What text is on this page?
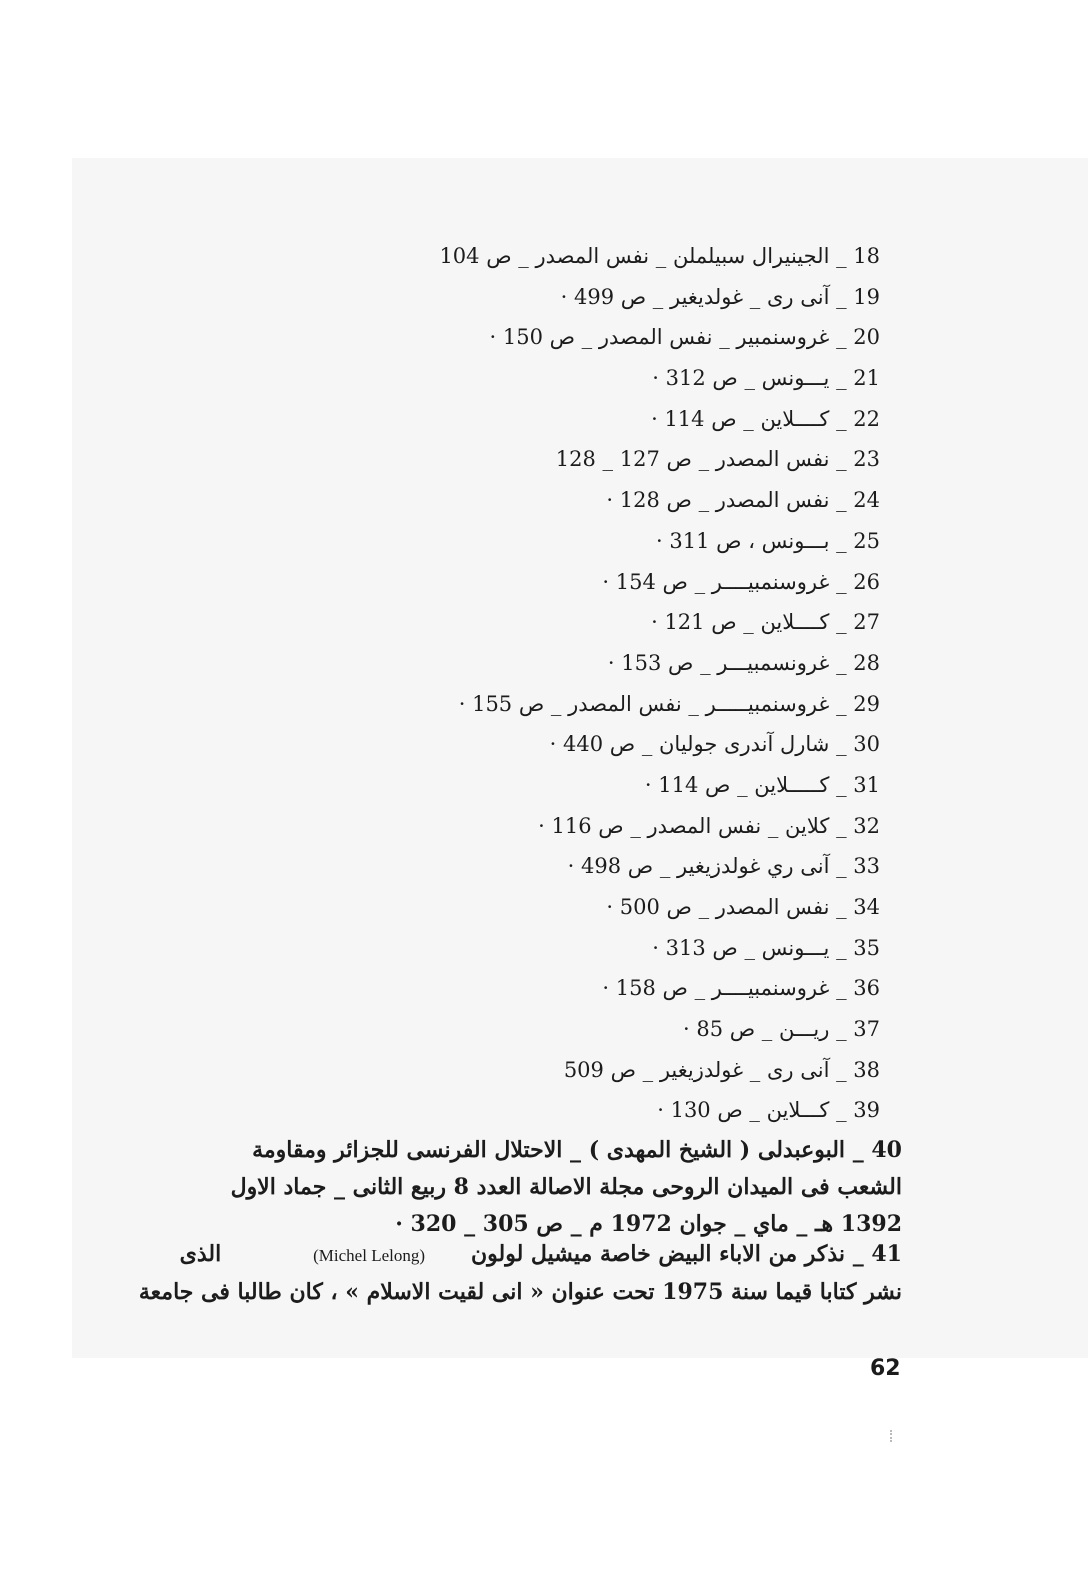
18 _ الجينيرال سبيلملن _ نفس المصدر _ ص 104
19 _ آنى رى _ غولديغير _ ص 499 ·
20 _ غروسنمبير _ نفس المصدر _ ص 150 ·
21 _ يـــونس _ ص 312 ·
22 _ كــــلاين _ ص 114 ·
23 _ نفس المصدر _ ص 127 _ 128
24 _ نفس المصدر _ ص 128 ·
25 _ بـــونس ، ص 311 ·
26 _ غروسنمبيــــر _ ص 154 ·
27 _ كــــلاين _ ص 121 ·
28 _ غرونسمبيـــر _ ص 153 ·
29 _ غروسنمبيـــــر _ نفس المصدر _ ص 155 ·
30 _ شارل آندرى جوليان _ ص 440 ·
31 _ كـــــلاين _ ص 114 ·
32 _ كلاين _ نفس المصدر _ ص 116 ·
33 _ آنى ري غولدزيغير _ ص 498 ·
34 _ نفس المصدر _ ص 500 ·
35 _ يـــونس _ ص 313 ·
36 _ غروسنمبيــــر _ ص 158 ·
37 _ ريـــن _ ص 85 ·
38 _ آنى رى _ غولدزيغير _ ص 509
39 _ كـــلاين _ ص 130 ·
40 _ البوعبدلى ( الشيخ المهدى ) _ الاحتلال الفرنسى للجزائر ومقاومة
الشعب فى الميدان الروحى مجلة الاصالة العدد 8 ربيع الثانى _ جماد الاول
1392 هـ _ ماي _ جوان 1972 م _ ص 305 _ 320 ·
41 _ نذكر من الاباء البيض خاصة ميشيل لولون      (Michel Lelong)            الذى
نشر كتابا قيما سنة 1975 تحت عنوان « انى لقيت الاسلام » ، كان طالبا فى جامعة
62
